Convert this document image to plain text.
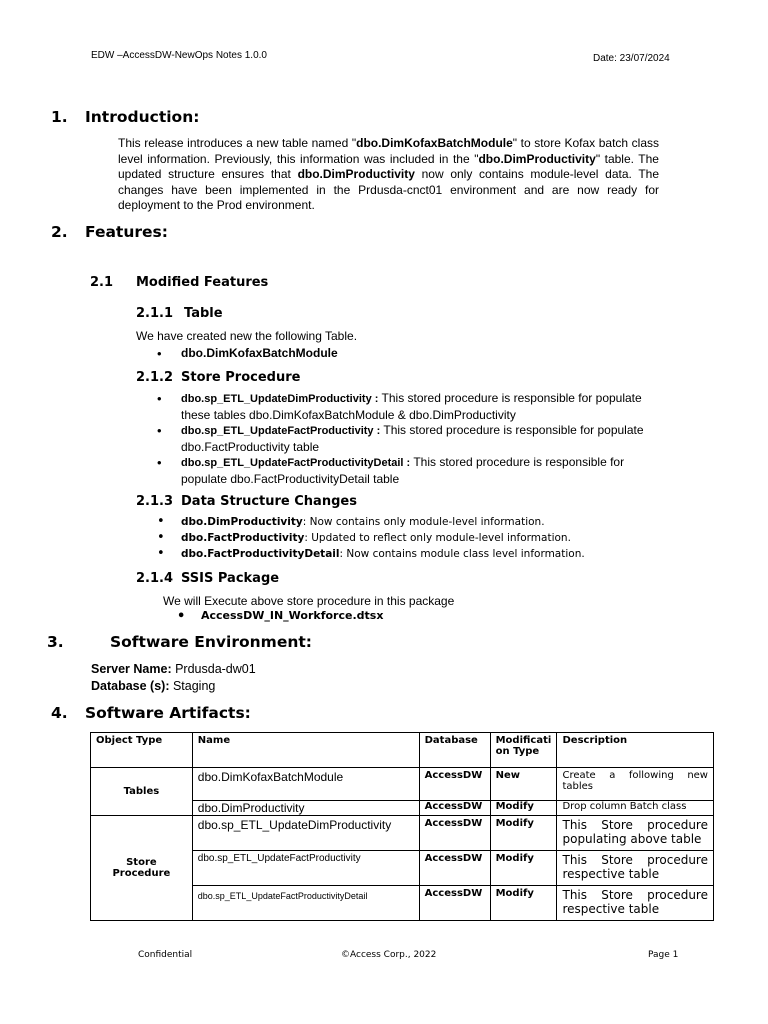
EDW –AccessDW-NewOps Notes 1.0.0	Date: 23/07/2024
1. Introduction:
This release introduces a new table named "dbo.DimKofaxBatchModule" to store Kofax batch class level information. Previously, this information was included in the "dbo.DimProductivity" table. The updated structure ensures that dbo.DimProductivity now only contains module-level data. The changes have been implemented in the Prdusda-cnct01 environment and are now ready for deployment to the Prod environment.
2. Features:
2.1 Modified Features
2.1.1 Table
We have created new the following Table.
• dbo.DimKofaxBatchModule
2.1.2 Store Procedure
• dbo.sp_ETL_UpdateDimProductivity : This stored procedure is responsible for populate these tables dbo.DimKofaxBatchModule & dbo.DimProductivity
• dbo.sp_ETL_UpdateFactProductivity : This stored procedure is responsible for populate dbo.FactProductivity table
• dbo.sp_ETL_UpdateFactProductivityDetail : This stored procedure is responsible for populate dbo.FactProductivityDetail table
2.1.3 Data Structure Changes
• dbo.DimProductivity: Now contains only module-level information.
• dbo.FactProductivity: Updated to reflect only module-level information.
• dbo.FactProductivityDetail: Now contains module class level information.
2.1.4 SSIS Package
We will Execute above store procedure in this package
• AccessDW_IN_Workforce.dtsx
3.	Software Environment:
Server Name: Prdusda-dw01
Database (s): Staging
4. Software Artifacts:
Object Type	Name	Database	Modification Type	Description
Tables	dbo.DimKofaxBatchModule	AccessDW	New	Create a following new tables
	dbo.DimProductivity	AccessDW	Modify	Drop column Batch class
Store Procedure	dbo.sp_ETL_UpdateDimProductivity	AccessDW	Modify	This Store procedure populating above table
	dbo.sp_ETL_UpdateFactProductivity	AccessDW	Modify	This Store procedure respective table
	dbo.sp_ETL_UpdateFactProductivityDetail	AccessDW	Modify	This Store procedure respective table
Confidential	©Access Corp., 2022	Page 1
